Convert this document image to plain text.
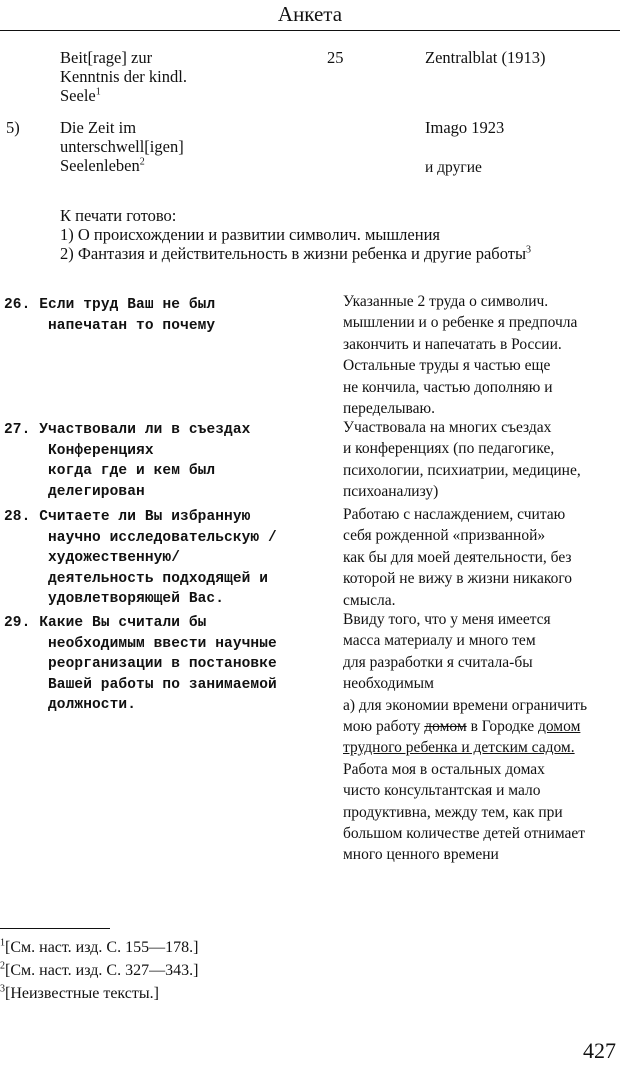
Анкета
Beit[rage] zur
Kenntnis der kindl.
Seele$^1$
25	Zentralblat (1913)
5) Die Zeit im
unterschwell[igen]
Seelenleben$^2$
Imago 1923
и другие
К печати готово:
1) О происхождении и развитии символич. мышления
2) Фантазия и действительность в жизни ребенка и другие работы$^3$
26. Если труд Ваш не был
напечатан то почему
Указанные 2 труда о символич.
мышлении и о ребенке я предпочла
закончить и напечатать в России.
Остальные труды я частью еще
не кончила, частью дополняю и
переделываю.
27. Участвовали ли в съездах
Конференциях
когда где и кем был
делегирован
Участвовала на многих съездах
и конференциях (по педагогике,
психологии, психиатрии, медицине,
психоанализу)
28. Считаете ли Вы избранную
научно исследовательскую /
художественную/
деятельность подходящей и
удовлетворяющей Вас.
Работаю с наслаждением, считаю
себя рожденной «призванной»
как бы для моей деятельности, без
которой не вижу в жизни никакого
смысла.
29. Какие Вы считали бы
необходимым ввести научные
реорганизации в постановке
Вашей работы по занимаемой
должности.
Ввиду того, что у меня имеется
масса материалу и много тем
для разработки я считала-бы
необходимым
а) для экономии времени ограничить
мою работу домом в Городке домом
трудного ребенка и детским садом.
Работа моя в остальных домах
чисто консультантская и мало
продуктивна, между тем, как при
большом количестве детей отнимает
много ценного времени
$^1$[См. наст. изд. С. 155—178.]
$^2$[См. наст. изд. С. 327—343.]
$^3$[Неизвестные тексты.]
427
